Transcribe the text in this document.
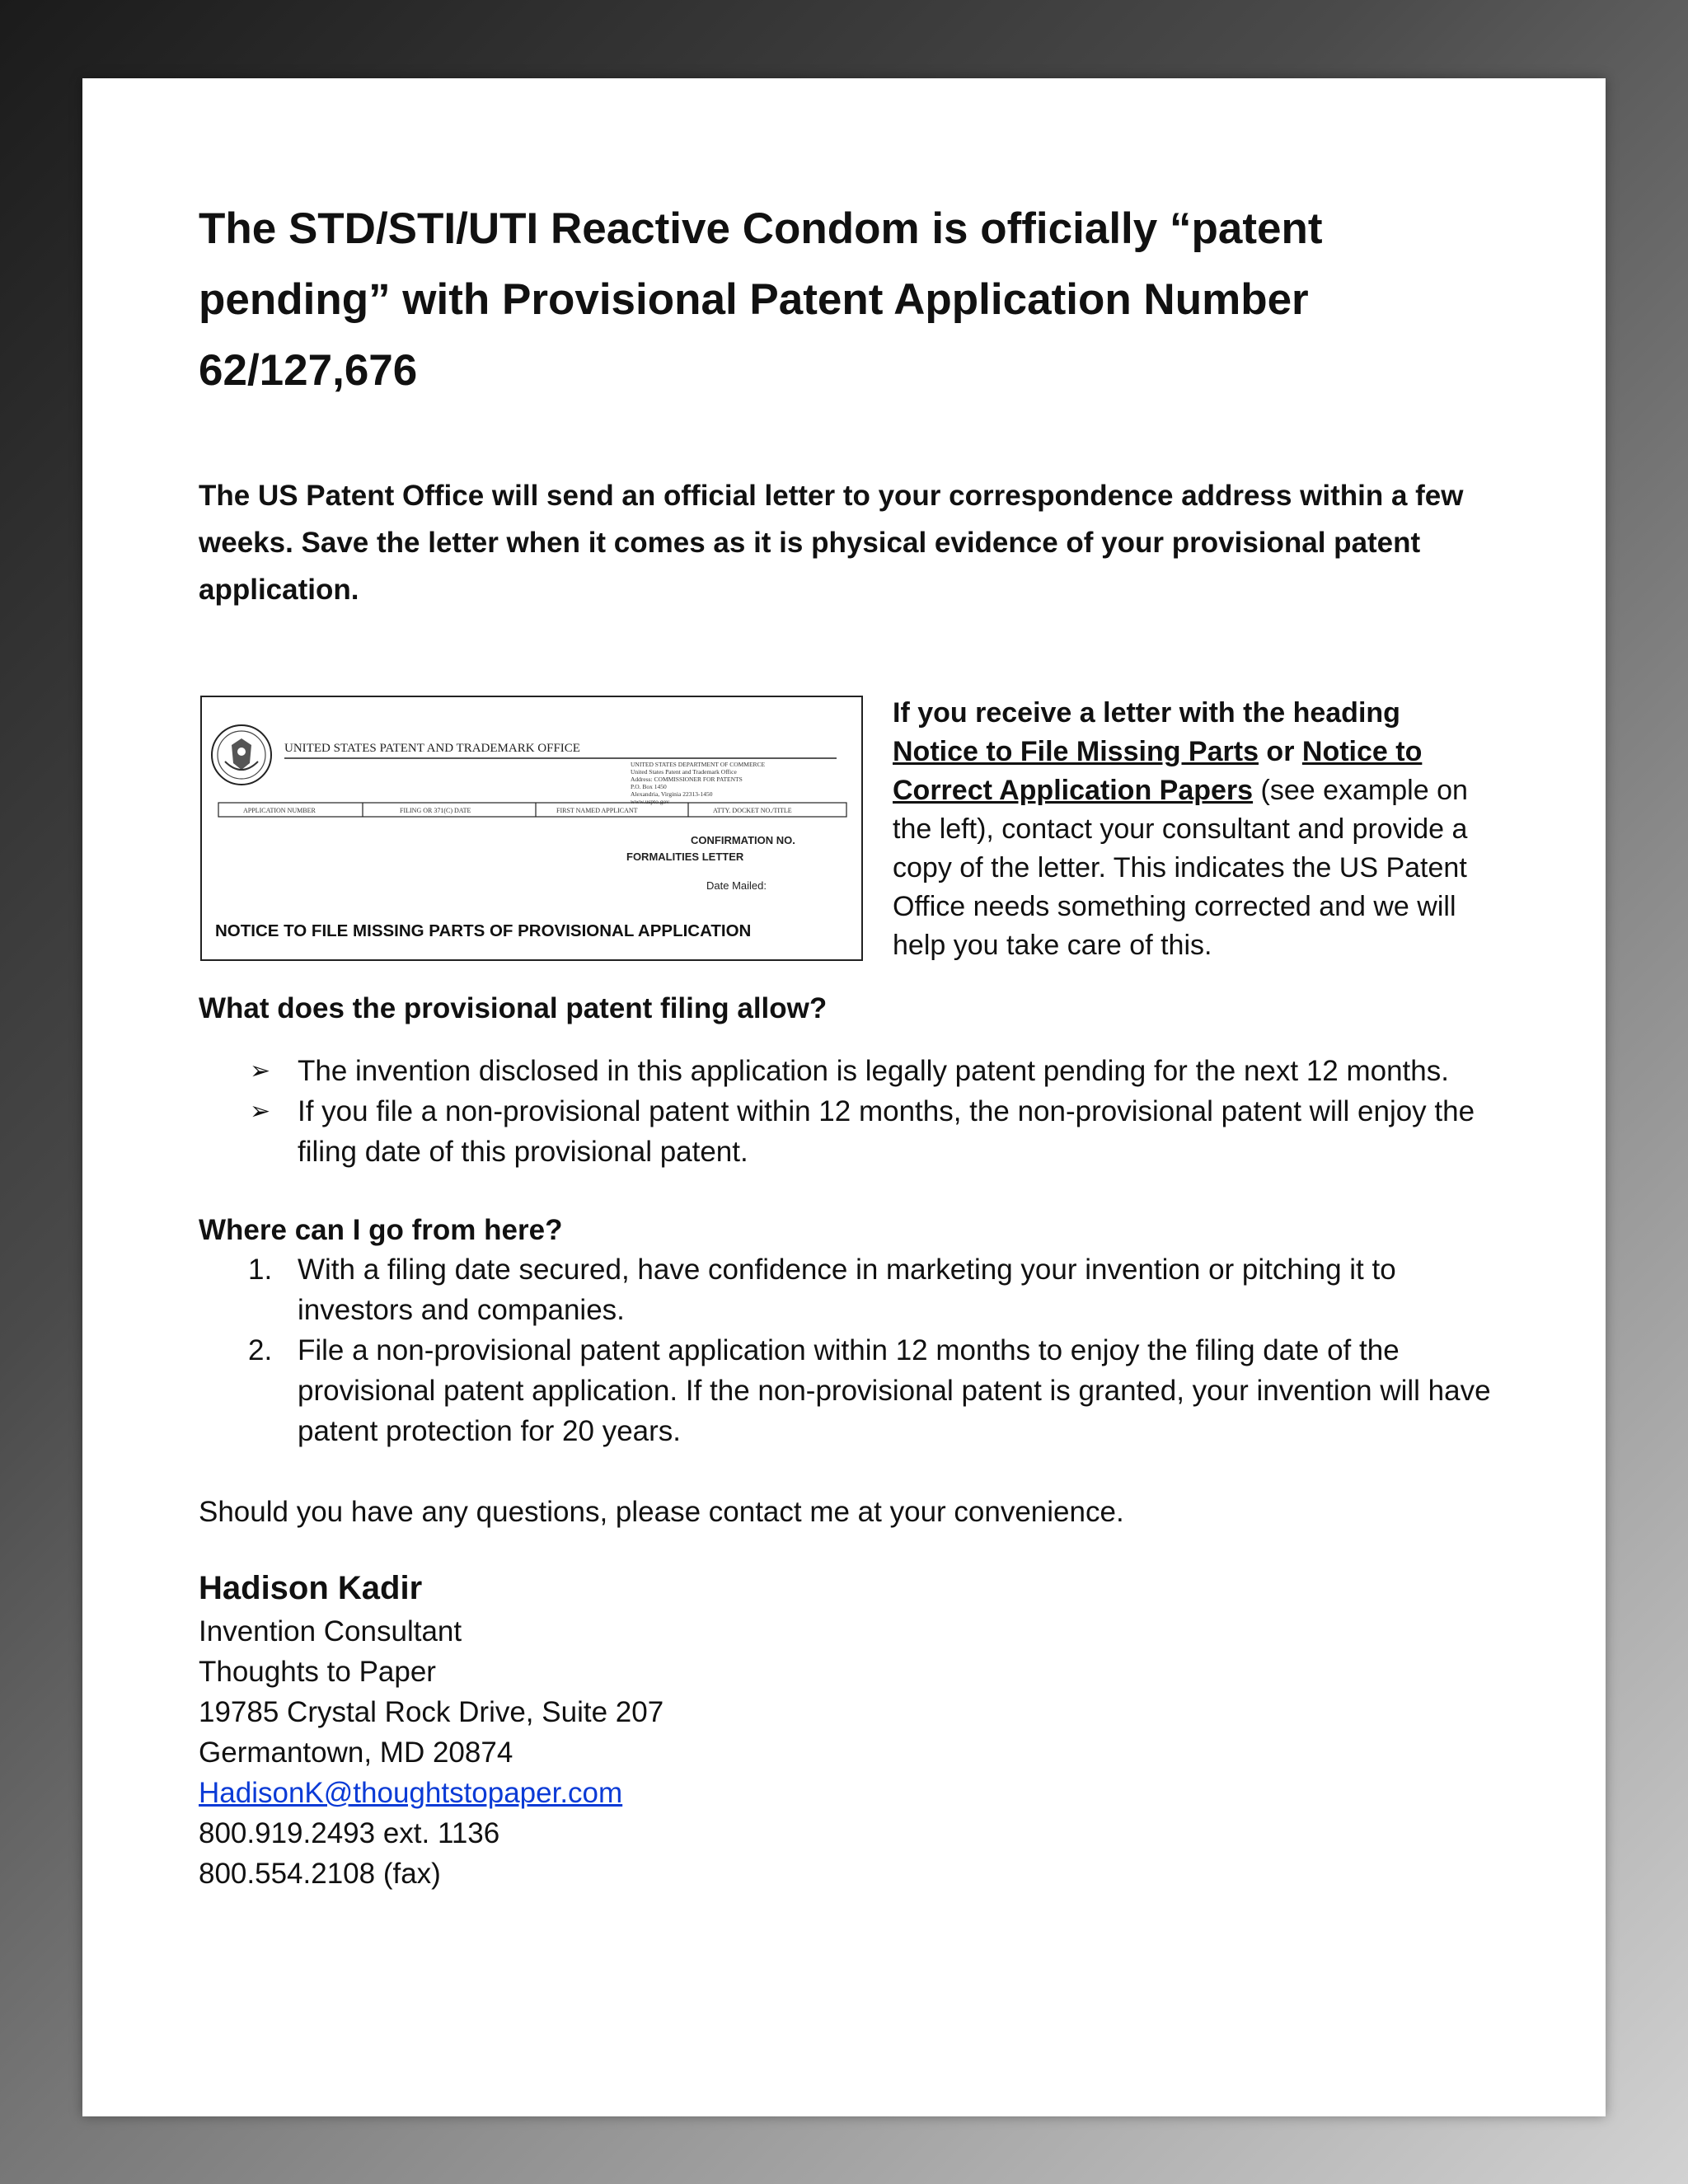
The STD/STI/UTI Reactive Condom is officially “patent pending” with Provisional Patent Application Number 62/127,676

The US Patent Office will send an official letter to your correspondence address within a few weeks. Save the letter when it comes as it is physical evidence of your provisional patent application.

UNITED STATES PATENT AND TRADEMARK OFFICE
UNITED STATES DEPARTMENT OF COMMERCE
United States Patent and Trademark Office
Address: COMMISSIONER FOR PATENTS
P.O. Box 1450
Alexandria, Virginia 22313-1450
www.uspto.gov
APPLICATION NUMBER	FILING OR 371(C) DATE	FIRST NAMED APPLICANT	ATTY. DOCKET NO./TITLE
CONFIRMATION NO.
FORMALITIES LETTER
Date Mailed:
NOTICE TO FILE MISSING PARTS OF PROVISIONAL APPLICATION
If you receive a letter with the heading
Notice to File Missing Parts or Notice to Correct Application Papers (see example on the left), contact your consultant and provide a copy of the letter. This indicates the US Patent Office needs something corrected and we will help you take care of this.
What does the provisional patent filing allow?
➢ The invention disclosed in this application is legally patent pending for the next 12 months.
➢ If you file a non-provisional patent within 12 months, the non-provisional patent will enjoy the filing date of this provisional patent.
Where can I go from here?
1. With a filing date secured, have confidence in marketing your invention or pitching it to investors and companies.
2. File a non-provisional patent application within 12 months to enjoy the filing date of the provisional patent application. If the non-provisional patent is granted, your invention will have patent protection for 20 years.

Should you have any questions, please contact me at your convenience.

Hadison Kadir
Invention Consultant
Thoughts to Paper
19785 Crystal Rock Drive, Suite 207
Germantown, MD 20874
HadisonK@thoughtstopaper.com
800.919.2493 ext. 1136
800.554.2108 (fax)
